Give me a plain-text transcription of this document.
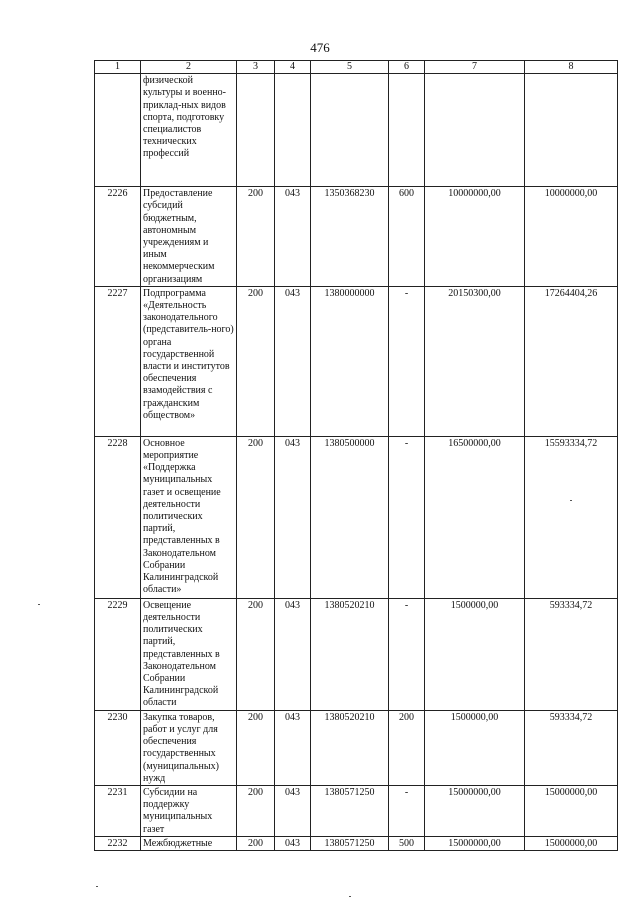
476
1	2	3	4	5	6	7	8
	физической культуры и военно-приклад-ных видов спорта, подготовку специалистов технических профессий						
2226	Предоставление субсидий бюджетным, автономным учреждениям и иным некоммерческим организациям	200	043	1350368230	600	10000000,00	10000000,00
2227	Подпрограмма «Деятельность законодательного (представитель-ного) органа государственной власти и институтов обеспечения взамодействия с гражданским обществом»	200	043	1380000000	-	20150300,00	17264404,26
2228	Основное мероприятие «Поддержка муниципальных газет и освещение деятельности политических партий, представленных в Законодательном Собрании Калининградской области»	200	043	1380500000	-	16500000,00	15593334,72
2229	Освещение деятельности политических партий, представленных в Законодательном Собрании Калининградской области	200	043	1380520210	-	1500000,00	593334,72
2230	Закупка товаров, работ и услуг для обеспечения государственных (муниципальных) нужд	200	043	1380520210	200	1500000,00	593334,72
2231	Субсидии на поддержку муниципальных газет	200	043	1380571250	-	15000000,00	15000000,00
2232	Межбюджетные	200	043	1380571250	500	15000000,00	15000000,00
